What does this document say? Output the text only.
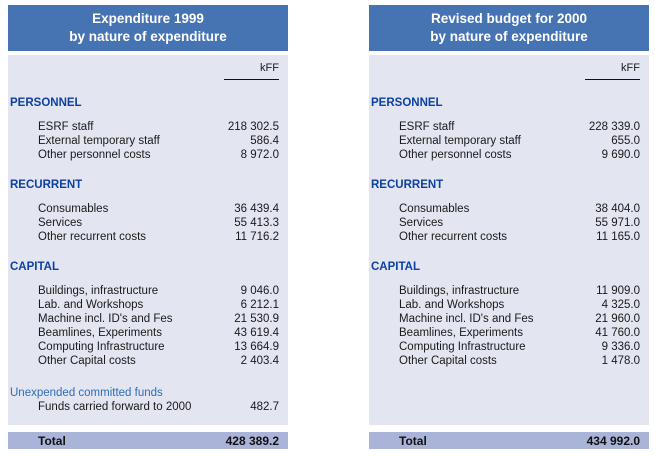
Expenditure 1999
by nature of expenditure
kFF
PERSONNEL
ESRF staff	218 302.5
External temporary staff	586.4
Other personnel costs	8 972.0
RECURRENT
Consumables	36 439.4
Services	55 413.3
Other recurrent costs	11 716.2
CAPITAL
Buildings, infrastructure	9 046.0
Lab. and Workshops	6 212.1
Machine incl. ID's and Fes	21 530.9
Beamlines, Experiments	43 619.4
Computing Infrastructure	13 664.9
Other Capital costs	2 403.4
Unexpended committed funds
Funds carried forward to 2000	482.7
Total	428 389.2
Revised budget for 2000
by nature of expenditure
kFF
PERSONNEL
ESRF staff	228 339.0
External temporary staff	655.0
Other personnel costs	9 690.0
RECURRENT
Consumables	38 404.0
Services	55 971.0
Other recurrent costs	11 165.0
CAPITAL
Buildings, infrastructure	11 909.0
Lab. and Workshops	4 325.0
Machine incl. ID's and Fes	21 960.0
Beamlines, Experiments	41 760.0
Computing Infrastructure	9 336.0
Other Capital costs	1 478.0
Total	434 992.0
